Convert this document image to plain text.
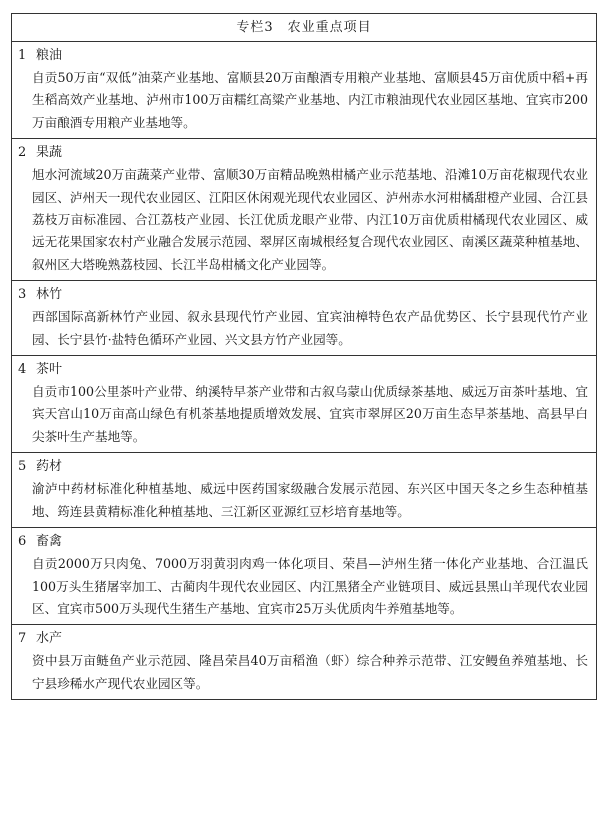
专栏3　农业重点项目
1 粮油
自贡50万亩“双低”油菜产业基地、富顺县20万亩酿酒专用粮产业基地、富顺县45万亩优质中稻+再生稻高效产业基地、泸州市100万亩糯红高粱产业基地、内江市粮油现代农业园区基地、宜宾市200万亩酿酒专用粮产业基地等。
2 果蔬
旭水河流域20万亩蔬菜产业带、富顺30万亩精品晚熟柑橘产业示范基地、沿滩10万亩花椒现代农业园区、泸州天一现代农业园区、江阳区休闲观光现代农业园区、泸州赤水河柑橘甜橙产业园、合江县荔枝万亩标准园、合江荔枝产业园、长江优质龙眼产业带、内江10万亩优质柑橘现代农业园区、威远无花果国家农村产业融合发展示范园、翠屏区南城根经复合现代农业园区、南溪区蔬菜种植基地、叙州区大塔晚熟荔枝园、长江半岛柑橘文化产业园等。
3 林竹
西部国际高新林竹产业园、叙永县现代竹产业园、宜宾油樟特色农产品优势区、长宁县现代竹产业园、长宁县竹·盐特色循环产业园、兴文县方竹产业园等。
4 茶叶
自贡市100公里茶叶产业带、纳溪特早茶产业带和古叙乌蒙山优质绿茶基地、威远万亩茶叶基地、宜宾天宫山10万亩高山绿色有机茶基地提质增效发展、宜宾市翠屏区20万亩生态早茶基地、高县早白尖茶叶生产基地等。
5 药材
渝泸中药材标准化种植基地、威远中医药国家级融合发展示范园、东兴区中国天冬之乡生态种植基地、筠连县黄精标准化种植基地、三江新区亚源红豆杉培育基地等。
6 畜禽
自贡2000万只肉兔、7000万羽黄羽肉鸡一体化项目、荣昌—泸州生猪一体化产业基地、合江温氏100万头生猪屠宰加工、古蔺肉牛现代农业园区、内江黑猪全产业链项目、威远县黑山羊现代农业园区、宜宾市500万头现代生猪生产基地、宜宾市25万头优质肉牛养殖基地等。
7 水产
资中县万亩鲢鱼产业示范园、隆昌荣昌40万亩稻渔（虾）综合种养示范带、江安鳗鱼养殖基地、长宁县珍稀水产现代农业园区等。
